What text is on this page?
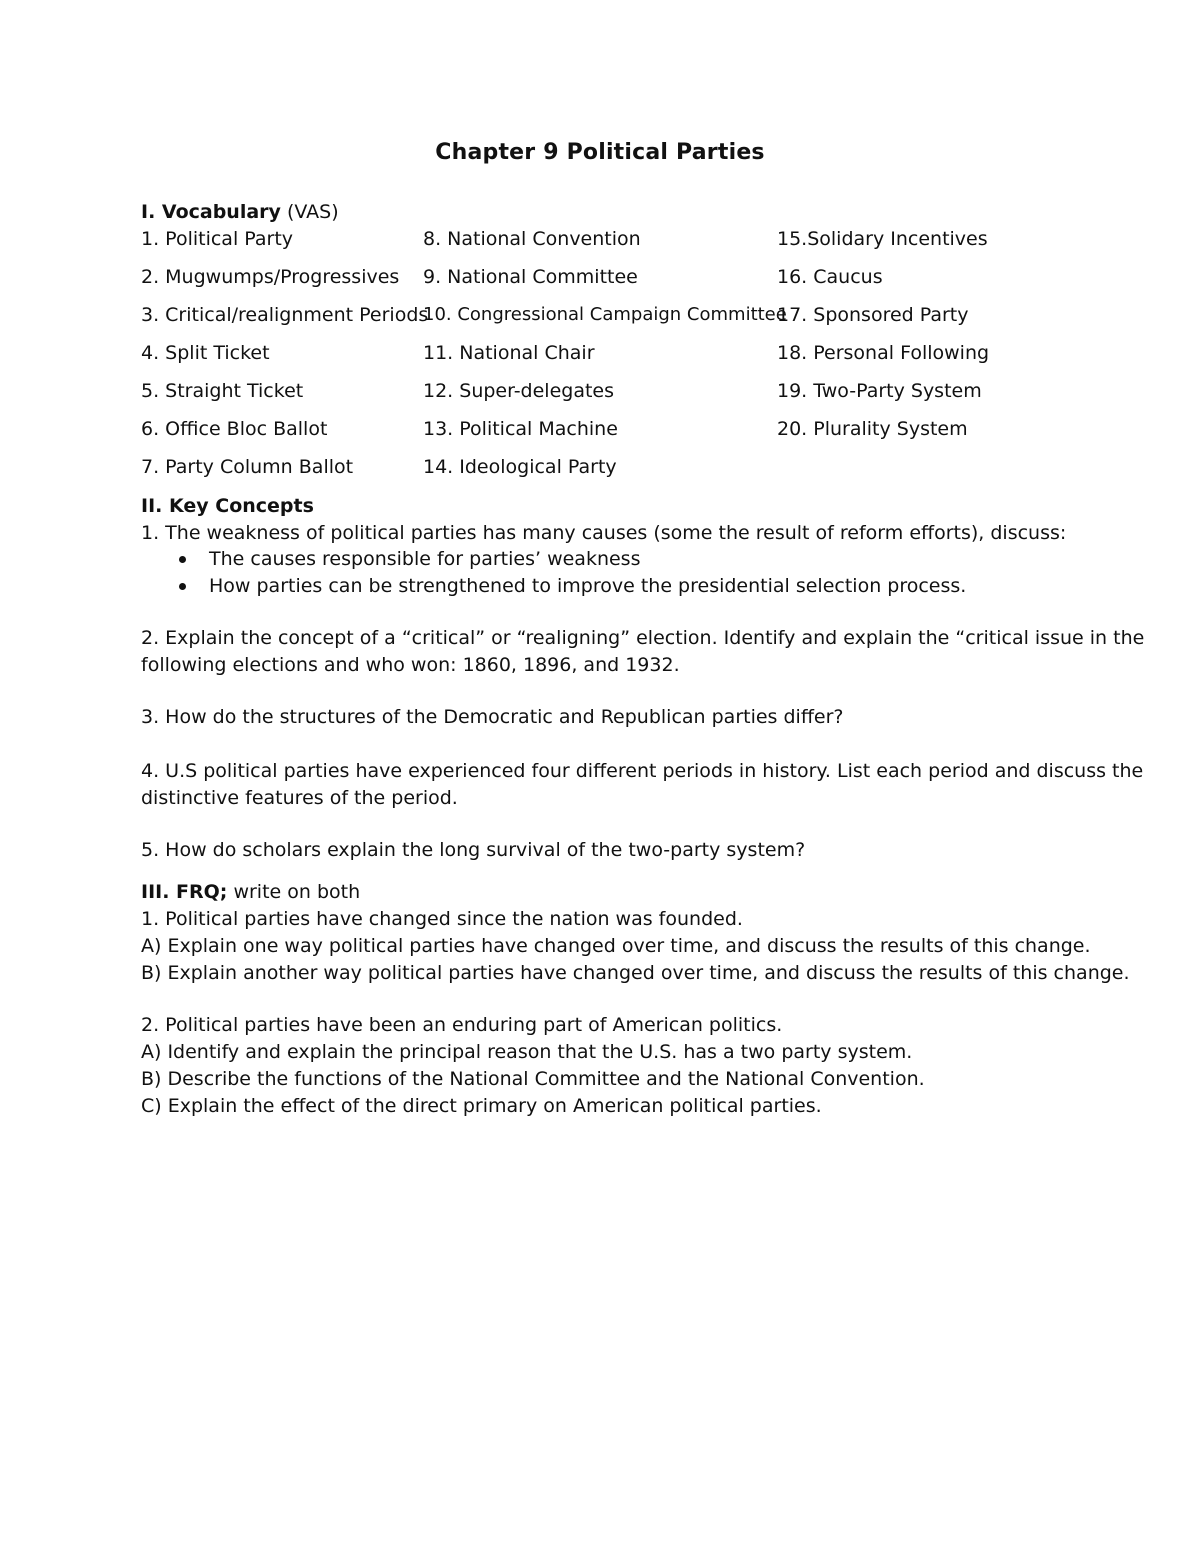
Chapter 9 Political Parties
I. Vocabulary (VAS)
1. Political Party
2. Mugwumps/Progressives
3. Critical/realignment Periods
4. Split Ticket
5. Straight Ticket
6. Office Bloc Ballot
7. Party Column Ballot
8. National Convention
9. National Committee
10. Congressional Campaign Committee
11. National Chair
12. Super-delegates
13. Political Machine
14. Ideological Party
15.Solidary Incentives
16. Caucus
17. Sponsored Party
18. Personal Following
19. Two-Party System
20. Plurality System
II. Key Concepts
1. The weakness of political parties has many causes (some the result of reform efforts), discuss:
The causes responsible for parties’ weakness
How parties can be strengthened to improve the presidential selection process.
2. Explain the concept of a “critical” or “realigning” election. Identify and explain the “critical issue in the
following elections and who won: 1860, 1896, and 1932.
3. How do the structures of the Democratic and Republican parties differ?
4. U.S political parties have experienced four different periods in history. List each period and discuss the
distinctive features of the period.
5. How do scholars explain the long survival of the two-party system?
III. FRQ; write on both
1. Political parties have changed since the nation was founded.
A) Explain one way political parties have changed over time, and discuss the results of this change.
B) Explain another way political parties have changed over time, and discuss the results of this change.
2. Political parties have been an enduring part of American politics.
A) Identify and explain the principal reason that the U.S. has a two party system.
B) Describe the functions of the National Committee and the National Convention.
C) Explain the effect of the direct primary on American political parties.
